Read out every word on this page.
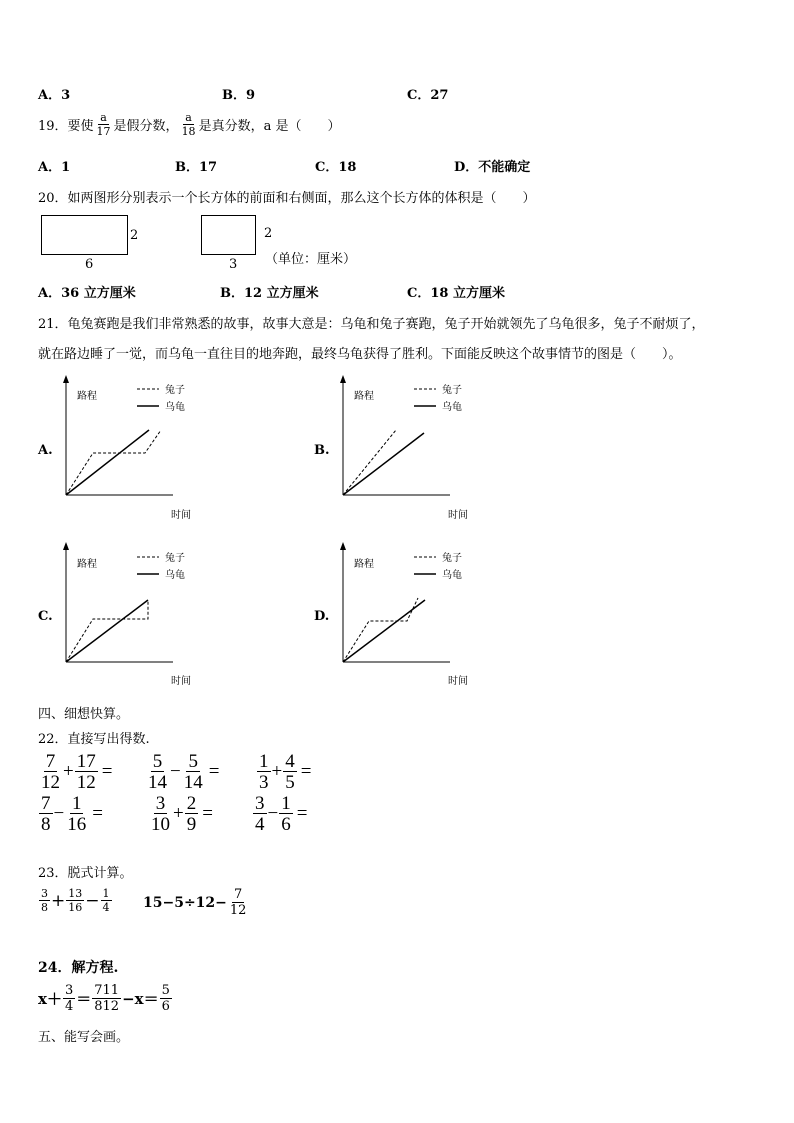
A．3	B．9	C．27
19．要使 $\frac{a}{17}$ 是假分数， $\frac{a}{18}$ 是真分数，a 是（　　）
A．1	B．17	C．18	D．不能确定
20．如两图形分别表示一个长方体的前面和右侧面，那么这个长方体的体积是（　　）
2
6
2
3 （单位：厘米）
A．36 立方厘米	B．12 立方厘米	C．18 立方厘米
21．龟兔赛跑是我们非常熟悉的故事，故事大意是：乌龟和兔子赛跑，兔子开始就领先了乌龟很多，兔子不耐烦了，
就在路边睡了一觉，而乌龟一直往目的地奔跑，最终乌龟获得了胜利。下面能反映这个故事情节的图是（　　）。
A.
路程
兔子
乌龟
时间
B.
路程
兔子
乌龟
时间
C.
路程
兔子
乌龟
时间
D.
路程
兔子
乌龟
时间
四、细想快算。
22．直接写出得数.
$\frac{7}{12} + \frac{17}{12} = \frac{5}{14} - \frac{5}{14} = \frac{1}{3} + \frac{4}{5}$ =
$\frac{7}{8} - \frac{1}{16} = \frac{3}{10} + \frac{2}{9} = \frac{3}{4} - \frac{1}{6}$ =
23．脱式计算。
$\frac{3}{8} + \frac{13}{16} - \frac{1}{4} 15-5\div 12- \frac{7}{12}$
24．解方程.
$x+ \frac{3}{4} = \frac{711}{812} -x= \frac{5}{6}$
五、能写会画。
